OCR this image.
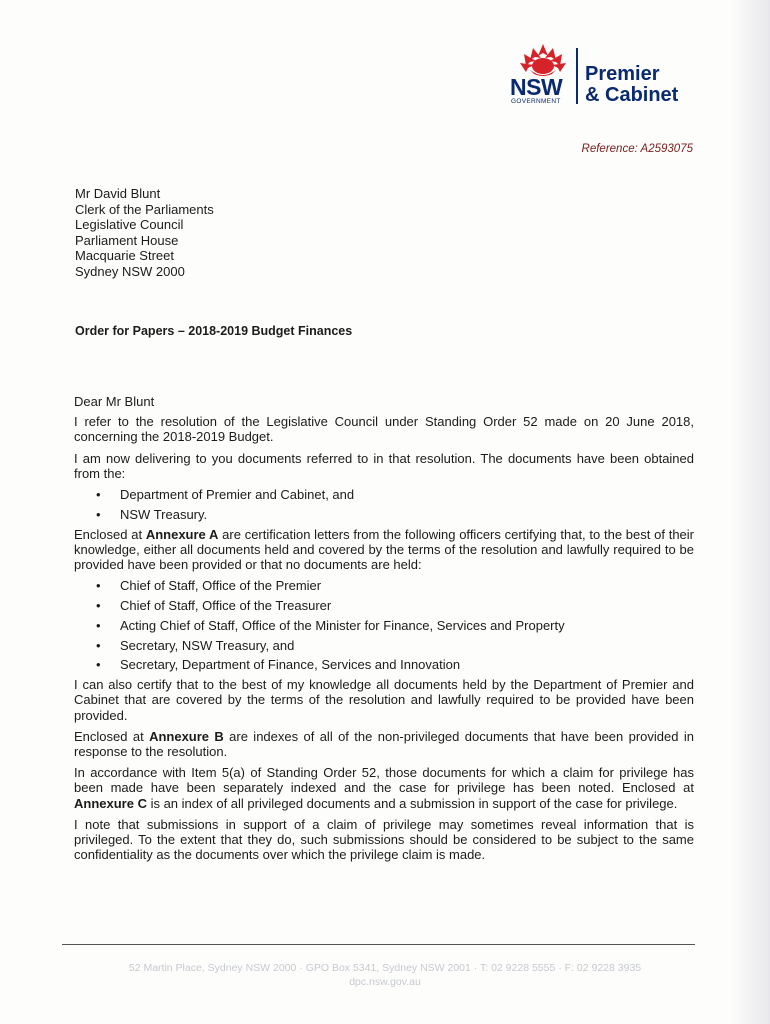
NSW
GOVERNMENT
Premier
& Cabinet
Reference: A2593075
Mr David Blunt
Clerk of the Parliaments
Legislative Council
Parliament House
Macquarie Street
Sydney NSW 2000
Order for Papers – 2018-2019 Budget Finances

Dear Mr Blunt

I refer to the resolution of the Legislative Council under Standing Order 52 made on 20 June 2018, concerning the 2018-2019 Budget.

I am now delivering to you documents referred to in that resolution. The documents have been obtained from the:

• Department of Premier and Cabinet, and
• NSW Treasury.

Enclosed at Annexure A are certification letters from the following officers certifying that, to the best of their knowledge, either all documents held and covered by the terms of the resolution and lawfully required to be provided have been provided or that no documents are held:

• Chief of Staff, Office of the Premier
• Chief of Staff, Office of the Treasurer
• Acting Chief of Staff, Office of the Minister for Finance, Services and Property
• Secretary, NSW Treasury, and
• Secretary, Department of Finance, Services and Innovation

I can also certify that to the best of my knowledge all documents held by the Department of Premier and Cabinet that are covered by the terms of the resolution and lawfully required to be provided have been provided.

Enclosed at Annexure B are indexes of all of the non-privileged documents that have been provided in response to the resolution.

In accordance with Item 5(a) of Standing Order 52, those documents for which a claim for privilege has been made have been separately indexed and the case for privilege has been noted. Enclosed at Annexure C is an index of all privileged documents and a submission in support of the case for privilege.

I note that submissions in support of a claim of privilege may sometimes reveal information that is privileged. To the extent that they do, such submissions should be considered to be subject to the same confidentiality as the documents over which the privilege claim is made.

52 Martin Place, Sydney NSW 2000 · GPO Box 5341, Sydney NSW 2001 · T: 02 9228 5555 · F: 02 9228 3935
dpc.nsw.gov.au
